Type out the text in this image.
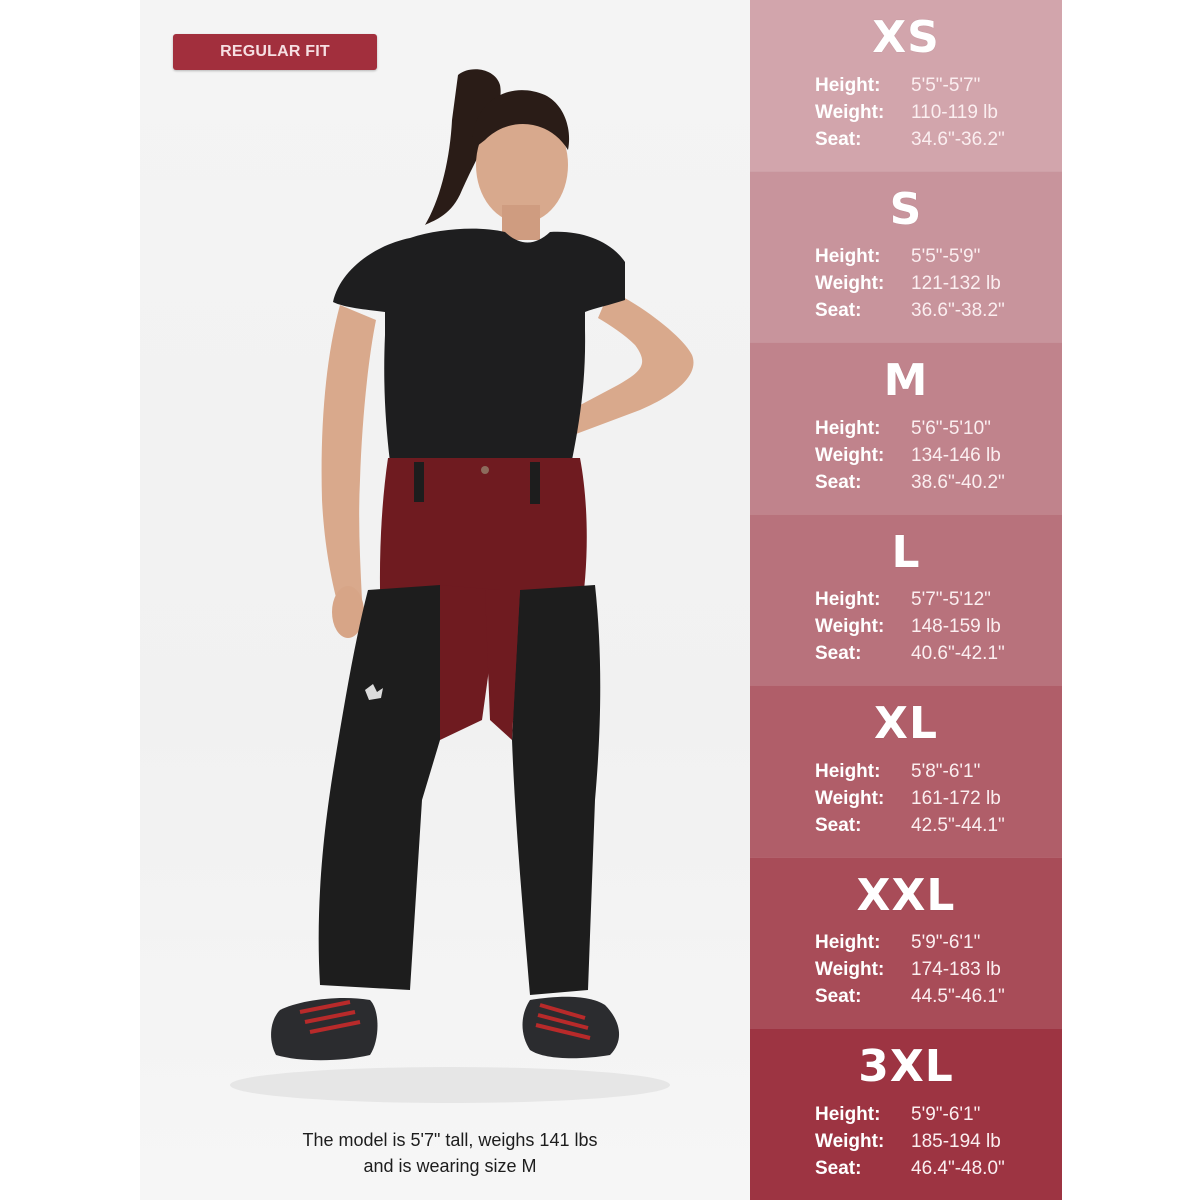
REGULAR FIT
The model is 5'7" tall, weighs 141 lbs
and is wearing size M
XS
Height:	5'5"-5'7"
Weight:	110-119 lb
Seat:	34.6"-36.2"
S
Height:	5'5"-5'9"
Weight:	121-132 lb
Seat:	36.6"-38.2"
M
Height:	5'6"-5'10"
Weight:	134-146 lb
Seat:	38.6"-40.2"
L
Height:	5'7"-5'12"
Weight:	148-159 lb
Seat:	40.6"-42.1"
XL
Height:	5'8"-6'1"
Weight:	161-172 lb
Seat:	42.5"-44.1"
XXL
Height:	5'9"-6'1"
Weight:	174-183 lb
Seat:	44.5"-46.1"
3XL
Height:	5'9"-6'1"
Weight:	185-194 lb
Seat:	46.4"-48.0"
